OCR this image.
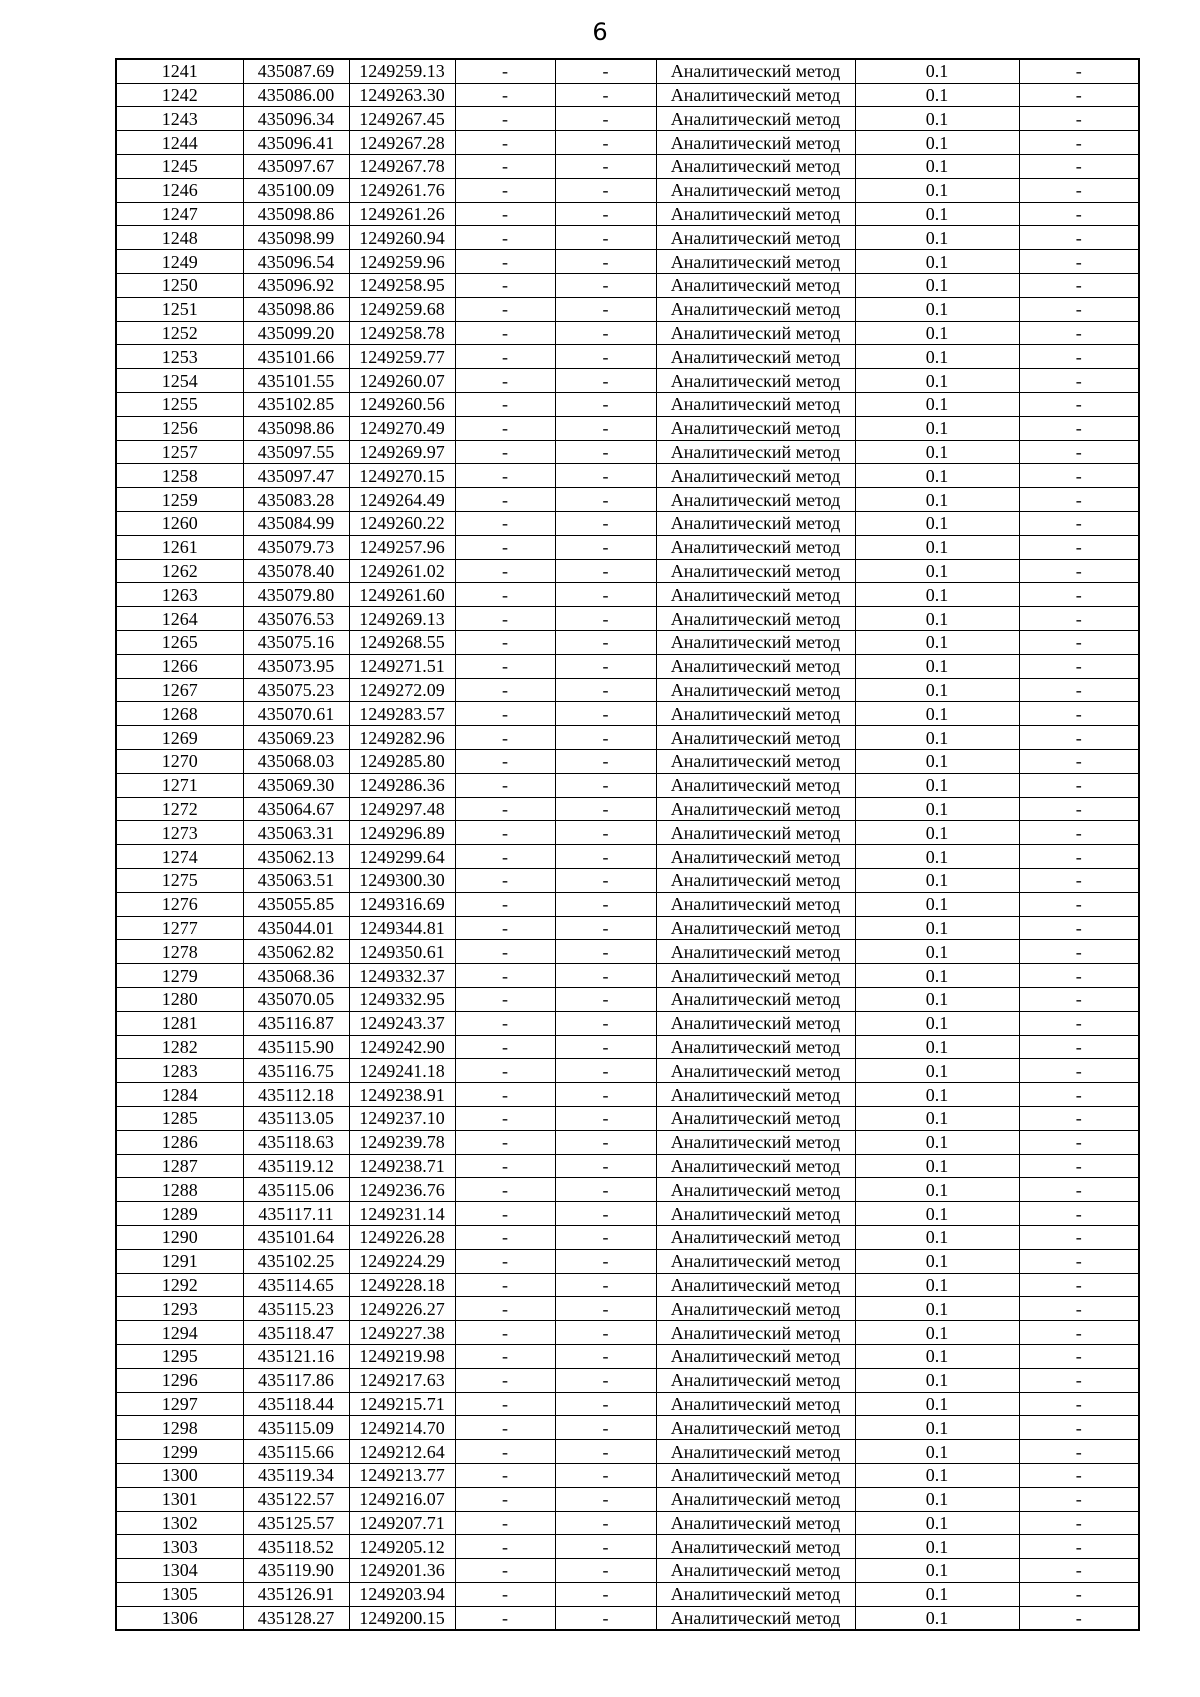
6
1241	435087.69	1249259.13	-	-	Аналитический метод	0.1	-
1242	435086.00	1249263.30	-	-	Аналитический метод	0.1	-
1243	435096.34	1249267.45	-	-	Аналитический метод	0.1	-
1244	435096.41	1249267.28	-	-	Аналитический метод	0.1	-
1245	435097.67	1249267.78	-	-	Аналитический метод	0.1	-
1246	435100.09	1249261.76	-	-	Аналитический метод	0.1	-
1247	435098.86	1249261.26	-	-	Аналитический метод	0.1	-
1248	435098.99	1249260.94	-	-	Аналитический метод	0.1	-
1249	435096.54	1249259.96	-	-	Аналитический метод	0.1	-
1250	435096.92	1249258.95	-	-	Аналитический метод	0.1	-
1251	435098.86	1249259.68	-	-	Аналитический метод	0.1	-
1252	435099.20	1249258.78	-	-	Аналитический метод	0.1	-
1253	435101.66	1249259.77	-	-	Аналитический метод	0.1	-
1254	435101.55	1249260.07	-	-	Аналитический метод	0.1	-
1255	435102.85	1249260.56	-	-	Аналитический метод	0.1	-
1256	435098.86	1249270.49	-	-	Аналитический метод	0.1	-
1257	435097.55	1249269.97	-	-	Аналитический метод	0.1	-
1258	435097.47	1249270.15	-	-	Аналитический метод	0.1	-
1259	435083.28	1249264.49	-	-	Аналитический метод	0.1	-
1260	435084.99	1249260.22	-	-	Аналитический метод	0.1	-
1261	435079.73	1249257.96	-	-	Аналитический метод	0.1	-
1262	435078.40	1249261.02	-	-	Аналитический метод	0.1	-
1263	435079.80	1249261.60	-	-	Аналитический метод	0.1	-
1264	435076.53	1249269.13	-	-	Аналитический метод	0.1	-
1265	435075.16	1249268.55	-	-	Аналитический метод	0.1	-
1266	435073.95	1249271.51	-	-	Аналитический метод	0.1	-
1267	435075.23	1249272.09	-	-	Аналитический метод	0.1	-
1268	435070.61	1249283.57	-	-	Аналитический метод	0.1	-
1269	435069.23	1249282.96	-	-	Аналитический метод	0.1	-
1270	435068.03	1249285.80	-	-	Аналитический метод	0.1	-
1271	435069.30	1249286.36	-	-	Аналитический метод	0.1	-
1272	435064.67	1249297.48	-	-	Аналитический метод	0.1	-
1273	435063.31	1249296.89	-	-	Аналитический метод	0.1	-
1274	435062.13	1249299.64	-	-	Аналитический метод	0.1	-
1275	435063.51	1249300.30	-	-	Аналитический метод	0.1	-
1276	435055.85	1249316.69	-	-	Аналитический метод	0.1	-
1277	435044.01	1249344.81	-	-	Аналитический метод	0.1	-
1278	435062.82	1249350.61	-	-	Аналитический метод	0.1	-
1279	435068.36	1249332.37	-	-	Аналитический метод	0.1	-
1280	435070.05	1249332.95	-	-	Аналитический метод	0.1	-
1281	435116.87	1249243.37	-	-	Аналитический метод	0.1	-
1282	435115.90	1249242.90	-	-	Аналитический метод	0.1	-
1283	435116.75	1249241.18	-	-	Аналитический метод	0.1	-
1284	435112.18	1249238.91	-	-	Аналитический метод	0.1	-
1285	435113.05	1249237.10	-	-	Аналитический метод	0.1	-
1286	435118.63	1249239.78	-	-	Аналитический метод	0.1	-
1287	435119.12	1249238.71	-	-	Аналитический метод	0.1	-
1288	435115.06	1249236.76	-	-	Аналитический метод	0.1	-
1289	435117.11	1249231.14	-	-	Аналитический метод	0.1	-
1290	435101.64	1249226.28	-	-	Аналитический метод	0.1	-
1291	435102.25	1249224.29	-	-	Аналитический метод	0.1	-
1292	435114.65	1249228.18	-	-	Аналитический метод	0.1	-
1293	435115.23	1249226.27	-	-	Аналитический метод	0.1	-
1294	435118.47	1249227.38	-	-	Аналитический метод	0.1	-
1295	435121.16	1249219.98	-	-	Аналитический метод	0.1	-
1296	435117.86	1249217.63	-	-	Аналитический метод	0.1	-
1297	435118.44	1249215.71	-	-	Аналитический метод	0.1	-
1298	435115.09	1249214.70	-	-	Аналитический метод	0.1	-
1299	435115.66	1249212.64	-	-	Аналитический метод	0.1	-
1300	435119.34	1249213.77	-	-	Аналитический метод	0.1	-
1301	435122.57	1249216.07	-	-	Аналитический метод	0.1	-
1302	435125.57	1249207.71	-	-	Аналитический метод	0.1	-
1303	435118.52	1249205.12	-	-	Аналитический метод	0.1	-
1304	435119.90	1249201.36	-	-	Аналитический метод	0.1	-
1305	435126.91	1249203.94	-	-	Аналитический метод	0.1	-
1306	435128.27	1249200.15	-	-	Аналитический метод	0.1	-
